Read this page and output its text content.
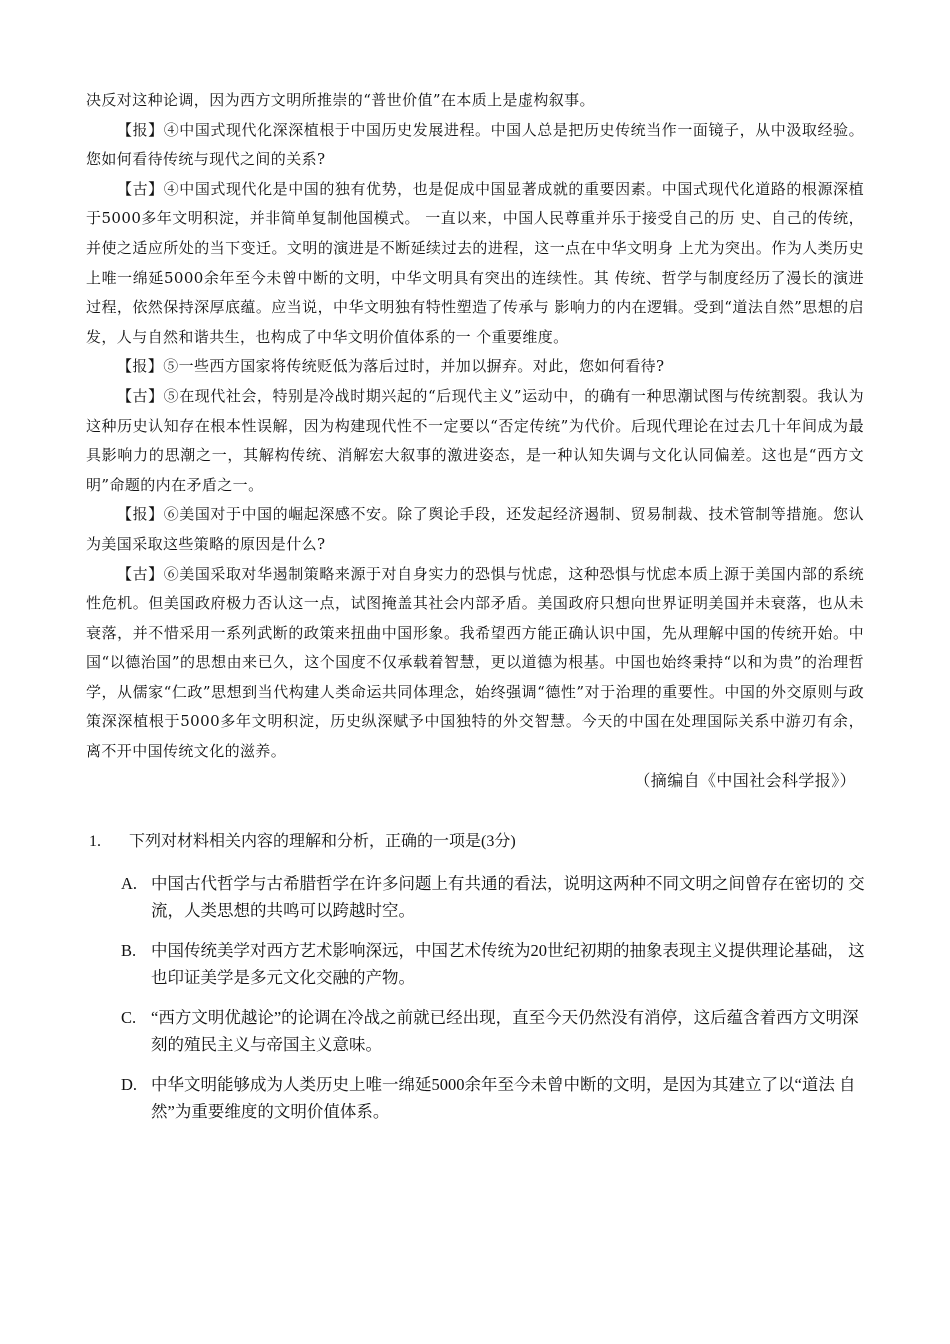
决反对这种论调，因为西方文明所推崇的“普世价值”在本质上是虚构叙事。

【报】④中国式现代化深深植根于中国历史发展进程。中国人总是把历史传统当作一面镜子，从中汲取经验。您如何看待传统与现代之间的关系?

【古】④中国式现代化是中国的独有优势，也是促成中国显著成就的重要因素。中国式现代化道路的根源深植于5000多年文明积淀，并非简单复制他国模式。 一直以来，中国人民尊重并乐于接受自己的历 史、自己的传统，并使之适应所处的当下变迁。文明的演进是不断延续过去的进程，这一点在中华文明身 上尤为突出。作为人类历史上唯一绵延5000余年至今未曾中断的文明，中华文明具有突出的连续性。其 传统、哲学与制度经历了漫长的演进过程，依然保持深厚底蕴。应当说，中华文明独有特性塑造了传承与 影响力的内在逻辑。受到“道法自然”思想的启发，人与自然和谐共生，也构成了中华文明价值体系的一 个重要维度。

【报】⑤一些西方国家将传统贬低为落后过时，并加以摒弃。对此，您如何看待?

【古】⑤在现代社会，特别是冷战时期兴起的“后现代主义”运动中，的确有一种思潮试图与传统割裂。我认为这种历史认知存在根本性误解，因为构建现代性不一定要以“否定传统”为代价。后现代理论在过去几十年间成为最具影响力的思潮之一，其解构传统、消解宏大叙事的激进姿态，是一种认知失调与文化认同偏差。这也是“西方文明”命题的内在矛盾之一。

【报】⑥美国对于中国的崛起深感不安。除了舆论手段，还发起经济遏制、贸易制裁、技术管制等措施。您认为美国采取这些策略的原因是什么?

【古】⑥美国采取对华遏制策略来源于对自身实力的恐惧与忧虑，这种恐惧与忧虑本质上源于美国内部的系统性危机。但美国政府极力否认这一点，试图掩盖其社会内部矛盾。美国政府只想向世界证明美国并未衰落，也从未衰落，并不惜采用一系列武断的政策来扭曲中国形象。我希望西方能正确认识中国，先从理解中国的传统开始。中国“以德治国”的思想由来已久，这个国度不仅承载着智慧，更以道德为根基。中国也始终秉持“以和为贵”的治理哲学，从儒家“仁政”思想到当代构建人类命运共同体理念，始终强调“德性”对于治理的重要性。中国的外交原则与政策深深植根于5000多年文明积淀，历史纵深赋予中国独特的外交智慧。今天的中国在处理国际关系中游刃有余，离不开中国传统文化的滋养。

（摘编自《中国社会科学报》）

1.	下列对材料相关内容的理解和分析，正确的一项是(3分)
A. 中国古代哲学与古希腊哲学在许多问题上有共通的看法，说明这两种不同文明之间曾存在密切的 交流，人类思想的共鸣可以跨越时空。
B. 中国传统美学对西方艺术影响深远，中国艺术传统为20世纪初期的抽象表现主义提供理论基础， 这也印证美学是多元文化交融的产物。
C. “西方文明优越论”的论调在冷战之前就已经出现，直至今天仍然没有消停，这后蕴含着西方文明深刻的殖民主义与帝国主义意味。
D. 中华文明能够成为人类历史上唯一绵延5000余年至今未曾中断的文明，是因为其建立了以“道法 自然”为重要维度的文明价值体系。
